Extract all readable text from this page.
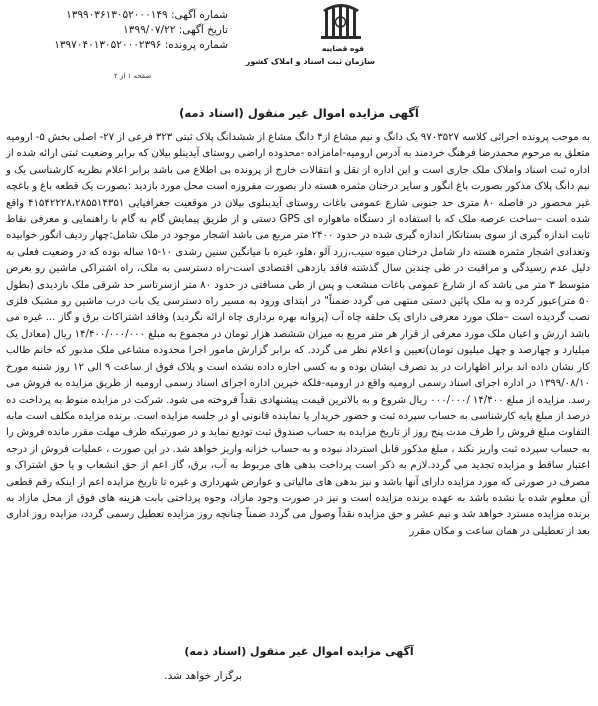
شماره آگهی: ۱۳۹۹۰۳۶۱۳۰۵۲۰۰۰۱۴۹
تاریخ آگهی: ۱۳۹۹/۰۷/۲۲
شماره پرونده: ۱۳۹۷۰۴۰۱۳۰۵۲۰۰۰۲۳۹۶
صفحه ۱ از ۲
قوه قضاییه
سازمان ثبت اسناد و املاک کشور
آگهی مزایده اموال غیر منقول (اسناد ذمه)

به موجب پرونده اجرائی کلاسه ۹۷۰۳۵۲۷ یک دانگ و نیم مشاع از۴ دانگ مشاع از ششدانگ پلاک ثبتی ۳۲۳ فرعی از ۲۷- اصلی بخش ۵- ارومیه متعلق به مرحوم محمدرضا فرهنگ خردمند به آدرس ارومیه-امامزاده -محدوده اراضی روستای آیدینلو بیلان که برابر وضعیت ثبتی ارائه شده از اداره ثبت اسناد واملاک ملک جاری است و این اداره از نقل و انتقالات خارج از پرونده بی اطلاع می باشد برابر اعلام نظریه کارشناسی یک و نیم دانگ پلاک مذکور بصورت باغ انگور و سایر درختان مثمره هسته دار بصورت مفروزه است محل مورد بازدید :بصورت یک قطعه باغ و باغچه غیر محصور در فاصله ۸۰ متری حد جنوبی شارع عمومی باغات روستای آیدینلوی بیلان در موقعیت جغرافیایی ۴۱۵۴۲۲۲۸،۲۸۵۵۱۴۳۵۱ واقع شده است –ساخت عرصه ملک که با استفاده از دستگاه ماهواره ای GPS دستی و از طریق پیمایش گام به گام با راهنمایی و معرفی نقاط ثابت اندازه گیری از سوی بستانکار اندازه گیری شده در حدود ۲۴۰۰ متر مربع می باشد اشجار موجود در ملک شامل:چهار ردیف انگور خوابیده وتعدادی اشجار مثمره هسته دار شامل درختان میوه سیب،زرد آلو ،هلو، غیره با میانگین سنین رشدی ۱۰-۱۵ ساله بوده که در وضعیت فعلی به دلیل عدم رسیدگی و مراقبت در طی چندین سال گذشته فاقد بازدهی اقتصادی است-راه دسترسی به ملک، راه اشتراکی ماشین رو بعرض متوسط ۳ متر می باشد که از شارع عمومی باغات منشعب و پس از طی مسافتی در حدود ۸۰ متر ازسرتاسر حد شرقی ملک بازدیدی (بطول ۵۰ متر)عبور کرده و به ملک پائین دستی منتهی می گردد ضمناً" در ابتدای ورود به مسیر راه دسترسی یک باب درب ماشین رو مشبک فلزی نصب گردیده است –ملک مورد معرفی دارای یک حلقه چاه آب (پروانه بهره برداری چاه ارائه نگردید) وفاقد اشتراکات برق و گاز ... غیره می باشد ارزش و اعیان ملک مورد معرفی از قرار هر متر مربع به میزان ششصد هزار تومان در مجموع به مبلغ ۱۴/۴۰۰/۰۰۰/۰۰۰ ریال (معادل یک میلیارد و چهارصد و چهل میلیون تومان)تعیین و اعلام نظر می گردد. که برابر گزارش مامور اجرا محدوده مشاعی ملک مذبور که خانم طالب کار نشان داده اند برابر اظهارات در ید تصرف ایشان بوده و به کسی اجاره داده نشده است و پلاک فوق از ساعت ۹ الی ۱۲ روز شنبه مورخ ۱۳۹۹/۰۸/۱۰ در اداره اجرای اسناد رسمی ارومیه واقع در ارومیه-فلکه خیرین اداره اجرای اسناد رسمی ارومیه از طریق مزایده به فروش می رسد. مزایده از مبلغ ۱۴/۴۰۰ /۰۰۰/۰۰۰ ریال شروع و به بالاترین قیمت پیشنهادی نقداً فروخته می شود. شرکت در مزایده منوط به پرداخت ده درصد از مبلغ پایه کارشناسی به حساب سپرده ثبت و حضور خریدار یا نماینده قانونی او در جلسه مزایده است. برنده مزایده مکلف است مابه التفاوت مبلغ فروش را ظرف مدت پنج روز از تاریخ مزایده به حساب صندوق ثبت تودیع نماید و در صورتیکه ظرف مهلت مقرر مانده فروش را به حساب سپرده ثبت واریز نکند ، مبلغ مذکور قابل استرداد نبوده و به حساب خزانه واریز خواهد شد. در این صورت ، عملیات فروش از درجه اعتبار ساقط و مزایده تجدید می گردد.لازم به ذکر است پرداخت بدهی های مربوط به آب، برق، گاز اعم از حق انشعاب و یا حق اشتراک و مصرف در صورتی که مورد مزایده دارای آنها باشد و نیز بدهی های مالیاتی و عوارض شهرداری و غیره تا تاریخ مزایده اعم از اینکه رقم قطعی آن معلوم شده یا نشده باشد به عهده برنده مزایده است و نیز در صورت وجود مازاد، وجوه پرداختی بابت هزینه های فوق از محل مازاد به برنده مزایده مسترد خواهد شد و نیم عشر و حق مزایده نقداً وصول می گردد ضمناً چنانچه روز مزایده تعطیل رسمی گردد، مزایده روز اداری بعد از تعطیلی در همان ساعت و مکان مقرر

آگهی مزایده اموال غیر منقول (اسناد ذمه)
برگزار خواهد شد.
